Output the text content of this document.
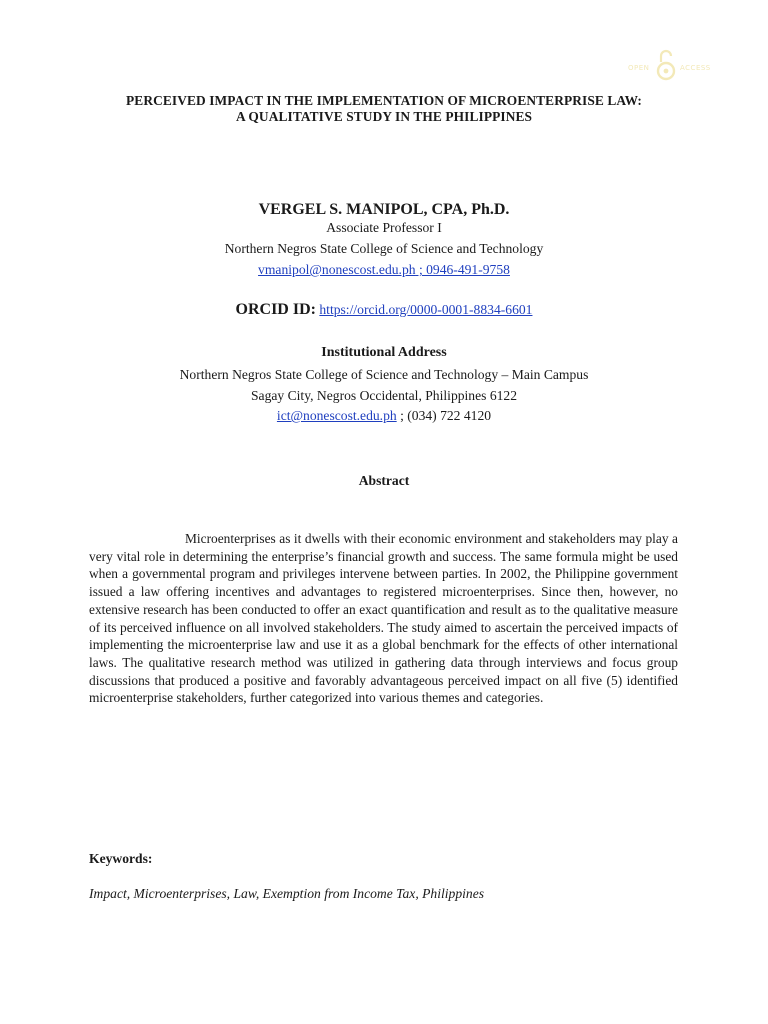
OPEN	ACCESS
PERCEIVED IMPACT IN THE IMPLEMENTATION OF MICROENTERPRISE LAW:
A QUALITATIVE STUDY IN THE PHILIPPINES
VERGEL S. MANIPOL, CPA, Ph.D.
Associate Professor I
Northern Negros State College of Science and Technology
vmanipol@nonescost.edu.ph ; 0946-491-9758
ORCID ID: https://orcid.org/0000-0001-8834-6601
Institutional Address
Northern Negros State College of Science and Technology – Main Campus
Sagay City, Negros Occidental, Philippines 6122
ict@nonescost.edu.ph ; (034) 722 4120
Abstract
Microenterprises as it dwells with their economic environment and stakeholders may play a very vital role in determining the enterprise’s financial growth and success. The same formula might be used when a governmental program and privileges intervene between parties. In 2002, the Philippine government issued a law offering incentives and advantages to registered microenterprises. Since then, however, no extensive research has been conducted to offer an exact quantification and result as to the qualitative measure of its perceived influence on all involved stakeholders. The study aimed to ascertain the perceived impacts of implementing the microenterprise law and use it as a global benchmark for the effects of other international laws. The qualitative research method was utilized in gathering data through interviews and focus group discussions that produced a positive and favorably advantageous perceived impact on all five (5) identified microenterprise stakeholders, further categorized into various themes and categories.
Keywords:
Impact, Microenterprises, Law, Exemption from Income Tax, Philippines
